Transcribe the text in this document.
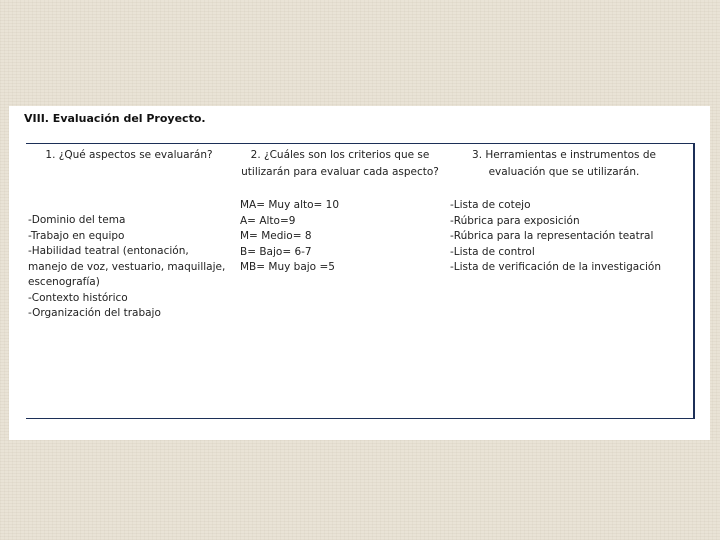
VIII. Evaluación del Proyecto.
1. ¿Qué aspectos se evaluarán?
-Dominio del tema
-Trabajo en equipo
-Habilidad teatral (entonación,
manejo de voz, vestuario, maquillaje,
escenografía)
-Contexto histórico
-Organización del trabajo
2. ¿Cuáles son los criterios que se
utilizarán para evaluar cada aspecto?
MA= Muy alto= 10
A= Alto=9
M= Medio= 8
B= Bajo= 6-7
MB= Muy bajo =5
3. Herramientas e instrumentos de
evaluación que se utilizarán.
-Lista de cotejo
-Rúbrica para exposición
-Rúbrica para la representación teatral
-Lista de control
-Lista de verificación de la investigación
